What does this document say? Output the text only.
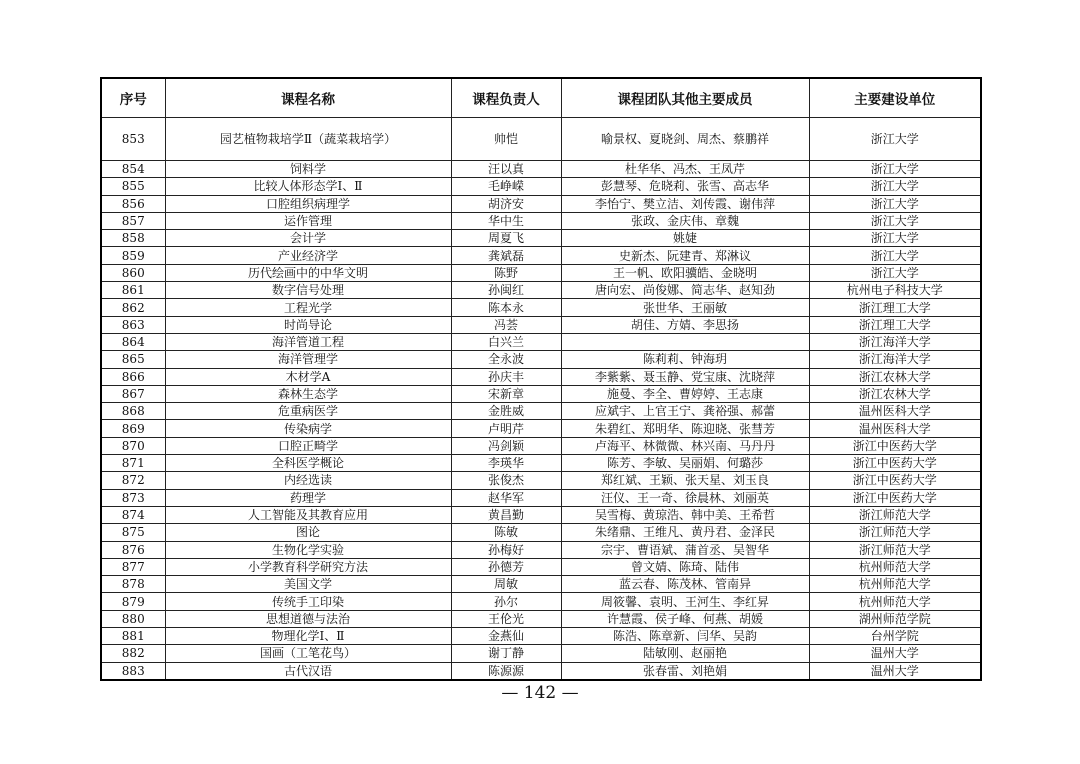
序号	课程名称	课程负责人	课程团队其他主要成员	主要建设单位
853	园艺植物栽培学Ⅱ（蔬菜栽培学）	帅恺	喻景权、夏晓剑、周杰、蔡鹏祥	浙江大学
854	饲料学	汪以真	杜华华、冯杰、王凤芹	浙江大学
855	比较人体形态学Ⅰ、Ⅱ	毛峥嵘	彭慧琴、危晓莉、张雪、高志华	浙江大学
856	口腔组织病理学	胡济安	李怡宁、樊立洁、刘传霞、谢伟萍	浙江大学
857	运作管理	华中生	张政、金庆伟、章魏	浙江大学
858	会计学	周夏飞	姚婕	浙江大学
859	产业经济学	龚斌磊	史新杰、阮建青、郑淋议	浙江大学
860	历代绘画中的中华文明	陈野	王一帆、欧阳骥皓、金晓明	浙江大学
861	数字信号处理	孙闽红	唐向宏、尚俊娜、简志华、赵知劲	杭州电子科技大学
862	工程光学	陈本永	张世华、王丽敏	浙江理工大学
863	时尚导论	冯荟	胡佳、方婧、李思扬	浙江理工大学
864	海洋管道工程	白兴兰		浙江海洋大学
865	海洋管理学	全永波	陈莉莉、钟海玥	浙江海洋大学
866	木材学A	孙庆丰	李紫紫、聂玉静、党宝康、沈晓萍	浙江农林大学
867	森林生态学	宋新章	施曼、李全、曹婷婷、王志康	浙江农林大学
868	危重病医学	金胜威	应斌宇、上官王宁、龚裕强、郝蕾	温州医科大学
869	传染病学	卢明芹	朱碧红、郑明华、陈迎晓、张彗芳	温州医科大学
870	口腔正畸学	冯剑颖	卢海平、林微微、林兴南、马丹丹	浙江中医药大学
871	全科医学概论	李瑛华	陈芳、李敏、吴丽娟、何璐莎	浙江中医药大学
872	内经选读	张俊杰	郑红斌、王颖、张天星、刘玉良	浙江中医药大学
873	药理学	赵华军	汪仪、王一奇、徐晨林、刘丽英	浙江中医药大学
874	人工智能及其教育应用	黄昌勤	吴雪梅、黄琼浩、韩中美、王希哲	浙江师范大学
875	图论	陈敏	朱绪鼎、王维凡、黄丹君、金泽民	浙江师范大学
876	生物化学实验	孙梅好	宗宇、曹语斌、蒲首丞、吴智华	浙江师范大学
877	小学教育科学研究方法	孙德芳	曾文婧、陈琦、陆伟	杭州师范大学
878	美国文学	周敏	蓝云春、陈茂林、管南异	杭州师范大学
879	传统手工印染	孙尔	周筱馨、袁明、王河生、李红昇	杭州师范大学
880	思想道德与法治	王伦光	许慧霞、侯子峰、何燕、胡媛	湖州师范学院
881	物理化学Ⅰ、Ⅱ	金燕仙	陈浩、陈章新、闫华、吴韵	台州学院
882	国画（工笔花鸟）	谢丁静	陆敏刚、赵丽艳	温州大学
883	古代汉语	陈源源	张春雷、刘艳娟	温州大学
— 142 —
